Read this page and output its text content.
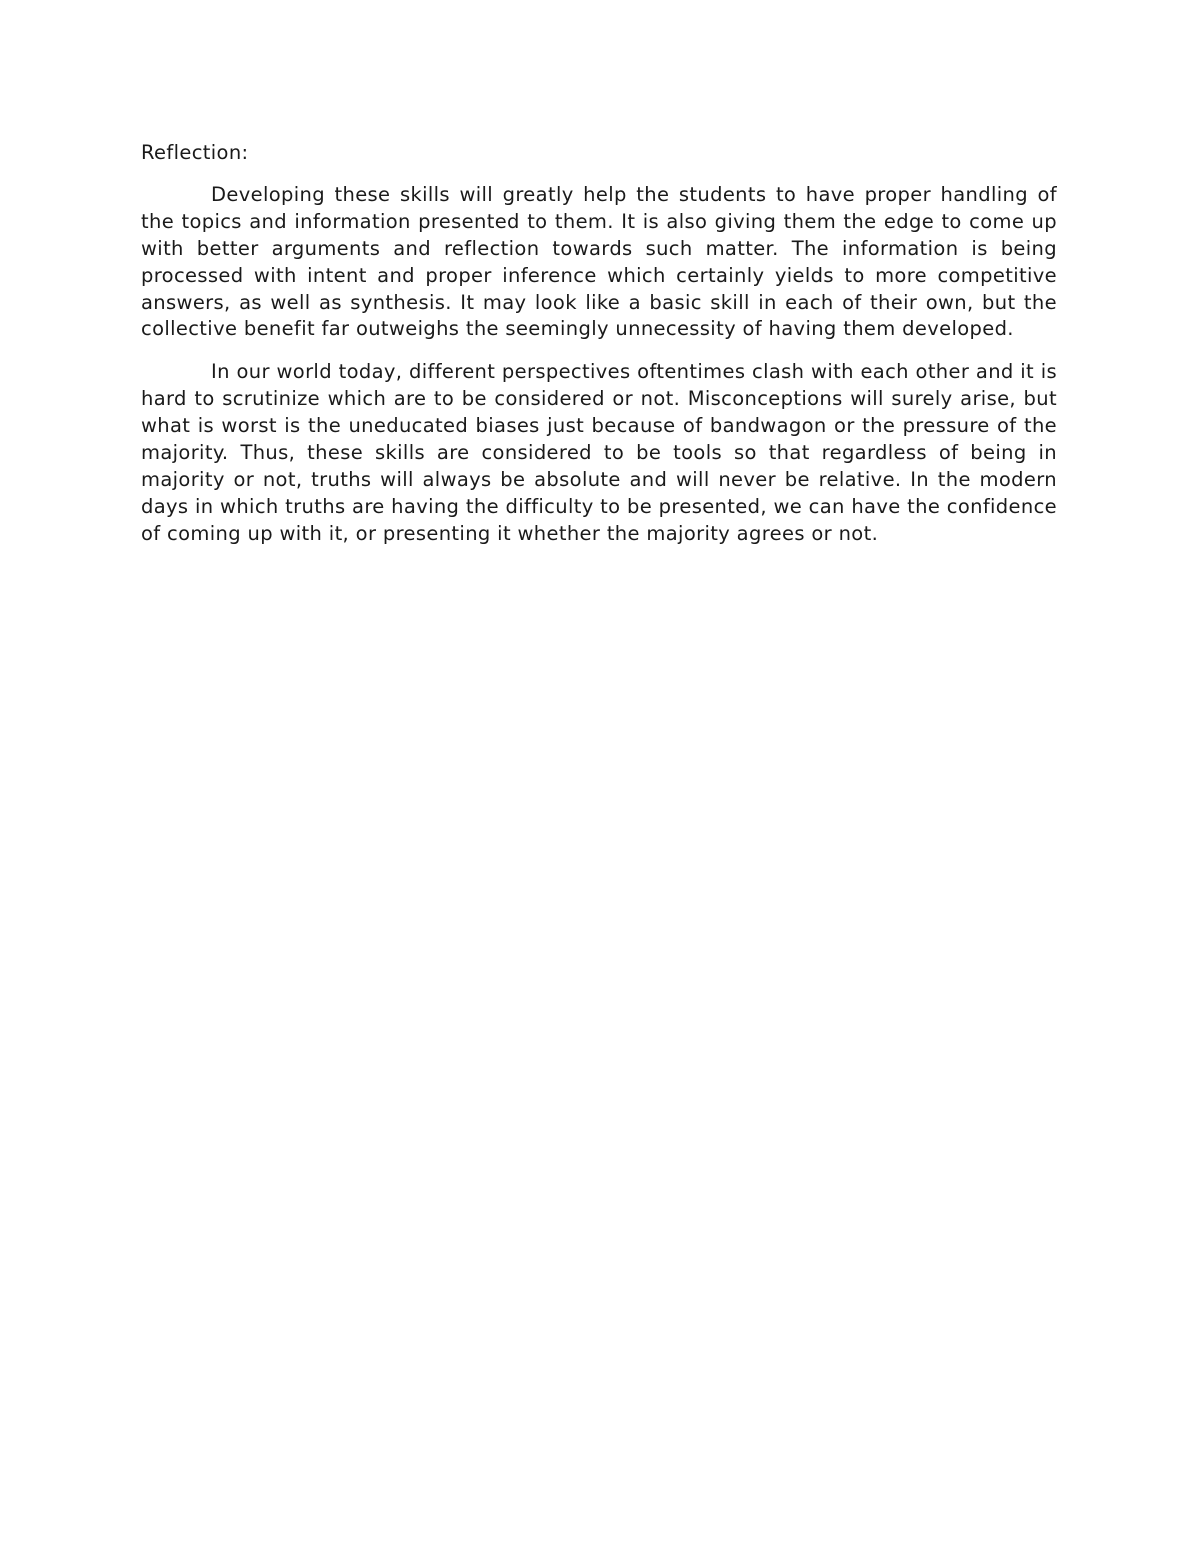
Reflection:

Developing these skills will greatly help the students to have proper handling of the topics and information presented to them. It is also giving them the edge to come up with better arguments and reflection towards such matter. The information is being processed with intent and proper inference which certainly yields to more competitive answers, as well as synthesis. It may look like a basic skill in each of their own, but the collective benefit far outweighs the seemingly unnecessity of having them developed.

In our world today, different perspectives oftentimes clash with each other and it is hard to scrutinize which are to be considered or not. Misconceptions will surely arise, but what is worst is the uneducated biases just because of bandwagon or the pressure of the majority. Thus, these skills are considered to be tools so that regardless of being in majority or not, truths will always be absolute and will never be relative. In the modern days in which truths are having the difficulty to be presented, we can have the confidence of coming up with it, or presenting it whether the majority agrees or not.
